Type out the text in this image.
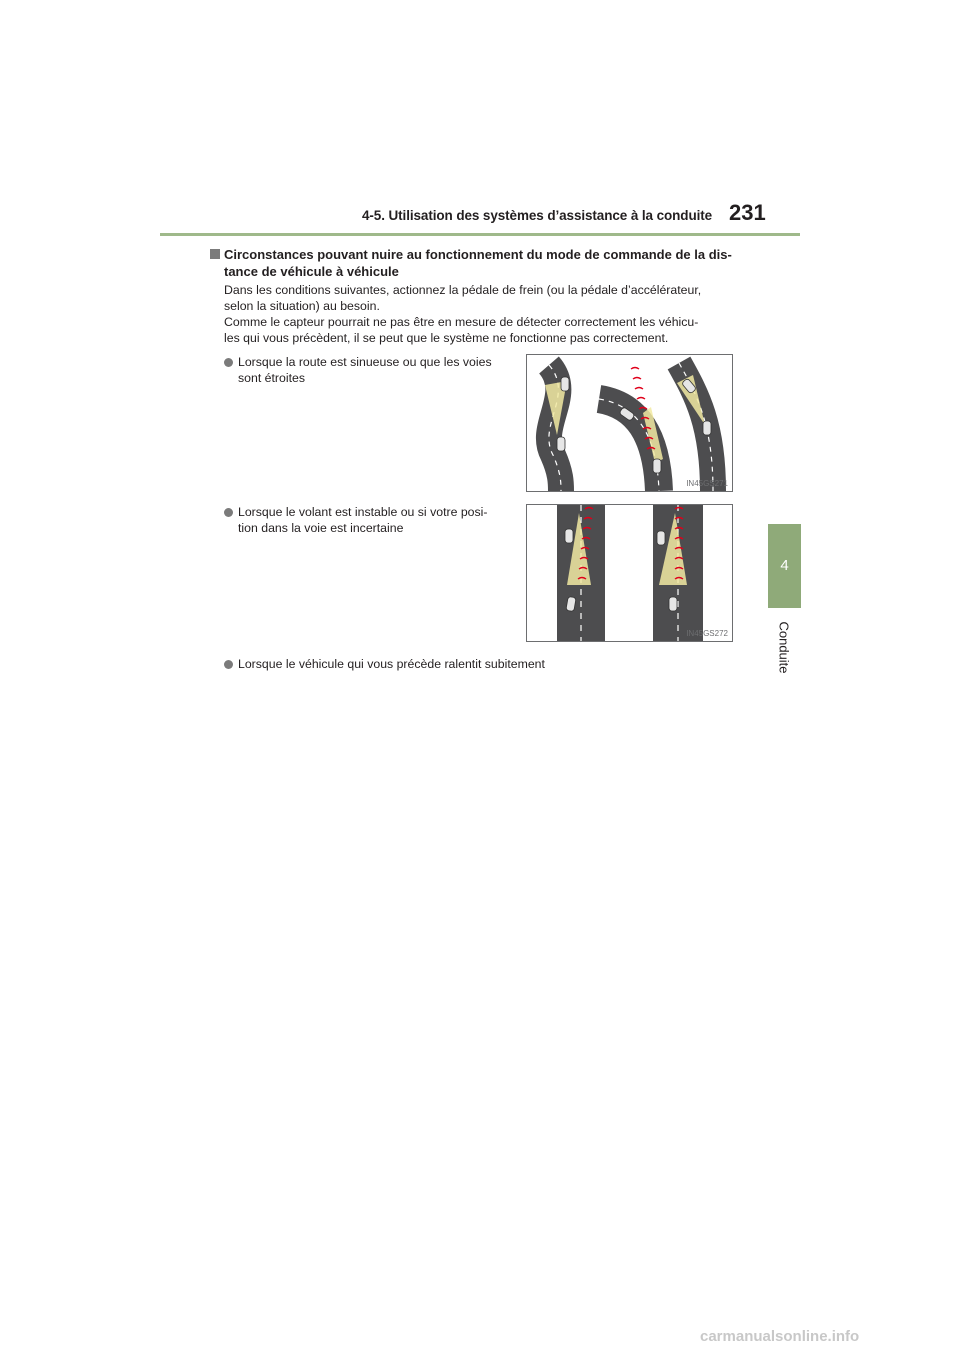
4-5. Utilisation des systèmes d’assistance à la conduite 231
4
Conduite
Circonstances pouvant nuire au fonctionnement du mode de commande de la dis-
tance de véhicule à véhicule

Dans les conditions suivantes, actionnez la pédale de frein (ou la pédale d’accélérateur,
selon la situation) au besoin.
Comme le capteur pourrait ne pas être en mesure de détecter correctement les véhicu-
les qui vous précèdent, il se peut que le système ne fonctionne pas correctement.

Lorsque la route est sinueuse ou que les voies
sont étroites
IN45GS271
Lorsque le volant est instable ou si votre posi-
tion dans la voie est incertaine
IN45GS272
Lorsque le véhicule qui vous précède ralentit subitement
carmanualsonline.info
